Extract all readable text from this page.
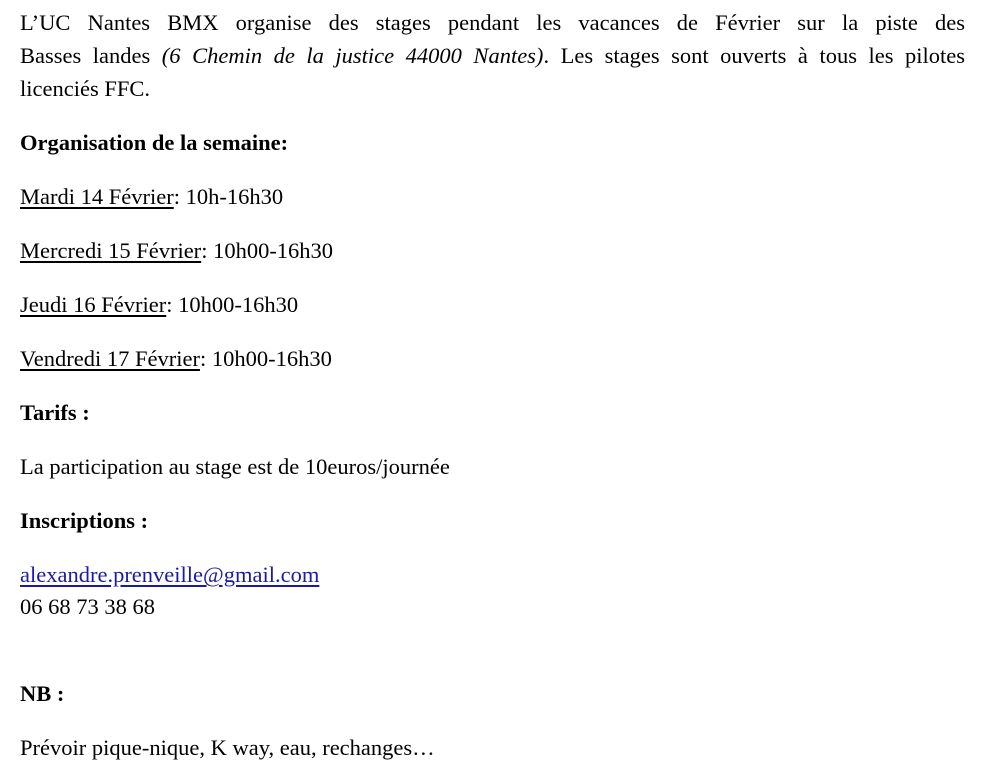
L’UC Nantes BMX organise des stages pendant les vacances de Février sur la piste des
Basses landes (6 Chemin de la justice 44000 Nantes). Les stages sont ouverts à tous les pilotes
licenciés FFC.
Organisation de la semaine:
Mardi 14 Février: 10h-16h30
Mercredi 15 Février: 10h00-16h30
Jeudi 16 Février: 10h00-16h30
Vendredi 17 Février: 10h00-16h30
Tarifs :
La participation au stage est de 10euros/journée
Inscriptions :
alexandre.prenveille@gmail.com
06 68 73 38 68
NB :
Prévoir pique-nique, K way, eau, rechanges…
